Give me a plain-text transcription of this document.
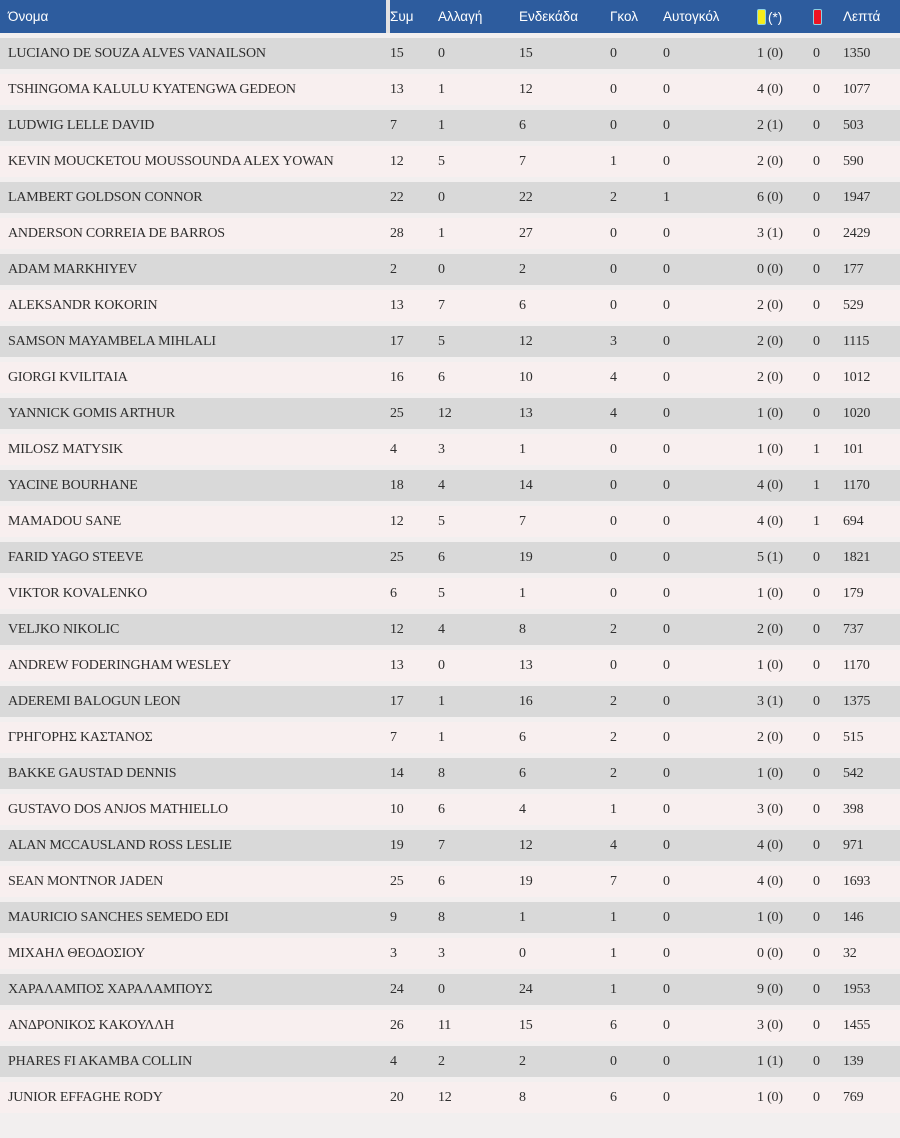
Όνομα	Συμ	Αλλαγή	Ενδεκάδα	Γκολ	Αυτογκόλ	(*)		Λεπτά
LUCIANO DE SOUZA ALVES VANAILSON	15	0	15	0	0	1 (0)	0	1350
TSHINGOMA KALULU KYATENGWA GEDEON	13	1	12	0	0	4 (0)	0	1077
LUDWIG LELLE DAVID	7	1	6	0	0	2 (1)	0	503
KEVIN MOUCKETOU MOUSSOUNDA ALEX YOWAN	12	5	7	1	0	2 (0)	0	590
LAMBERT GOLDSON CONNOR	22	0	22	2	1	6 (0)	0	1947
ANDERSON CORREIA DE BARROS	28	1	27	0	0	3 (1)	0	2429
ADAM MARKHIYEV	2	0	2	0	0	0 (0)	0	177
ALEKSANDR KOKORIN	13	7	6	0	0	2 (0)	0	529
SAMSON MAYAMBELA MIHLALI	17	5	12	3	0	2 (0)	0	1115
GIORGI KVILITAIA	16	6	10	4	0	2 (0)	0	1012
YANNICK GOMIS ARTHUR	25	12	13	4	0	1 (0)	0	1020
MILOSZ MATYSIK	4	3	1	0	0	1 (0)	1	101
YACINE BOURHANE	18	4	14	0	0	4 (0)	1	1170
MAMADOU SANE	12	5	7	0	0	4 (0)	1	694
FARID YAGO STEEVE	25	6	19	0	0	5 (1)	0	1821
VIKTOR KOVALENKO	6	5	1	0	0	1 (0)	0	179
VELJKO NIKOLIC	12	4	8	2	0	2 (0)	0	737
ANDREW FODERINGHAM WESLEY	13	0	13	0	0	1 (0)	0	1170
ADEREMI BALOGUN LEON	17	1	16	2	0	3 (1)	0	1375
ΓΡΗΓΟΡΗΣ ΚΑΣΤΑΝΟΣ	7	1	6	2	0	2 (0)	0	515
BAKKE GAUSTAD DENNIS	14	8	6	2	0	1 (0)	0	542
GUSTAVO DOS ANJOS MATHIELLO	10	6	4	1	0	3 (0)	0	398
ALAN MCCAUSLAND ROSS LESLIE	19	7	12	4	0	4 (0)	0	971
SEAN MONTNOR JADEN	25	6	19	7	0	4 (0)	0	1693
MAURICIO SANCHES SEMEDO EDI	9	8	1	1	0	1 (0)	0	146
ΜΙΧΑΗΛ ΘΕΟΔΟΣΙΟΥ	3	3	0	1	0	0 (0)	0	32
ΧΑΡΑΛΑΜΠΟΣ ΧΑΡΑΛΑΜΠΟΥΣ	24	0	24	1	0	9 (0)	0	1953
ΑΝΔΡΟΝΙΚΟΣ ΚΑΚΟΥΛΛΗ	26	11	15	6	0	3 (0)	0	1455
PHARES FI AKAMBA COLLIN	4	2	2	0	0	1 (1)	0	139
JUNIOR EFFAGHE RODY	20	12	8	6	0	1 (0)	0	769
